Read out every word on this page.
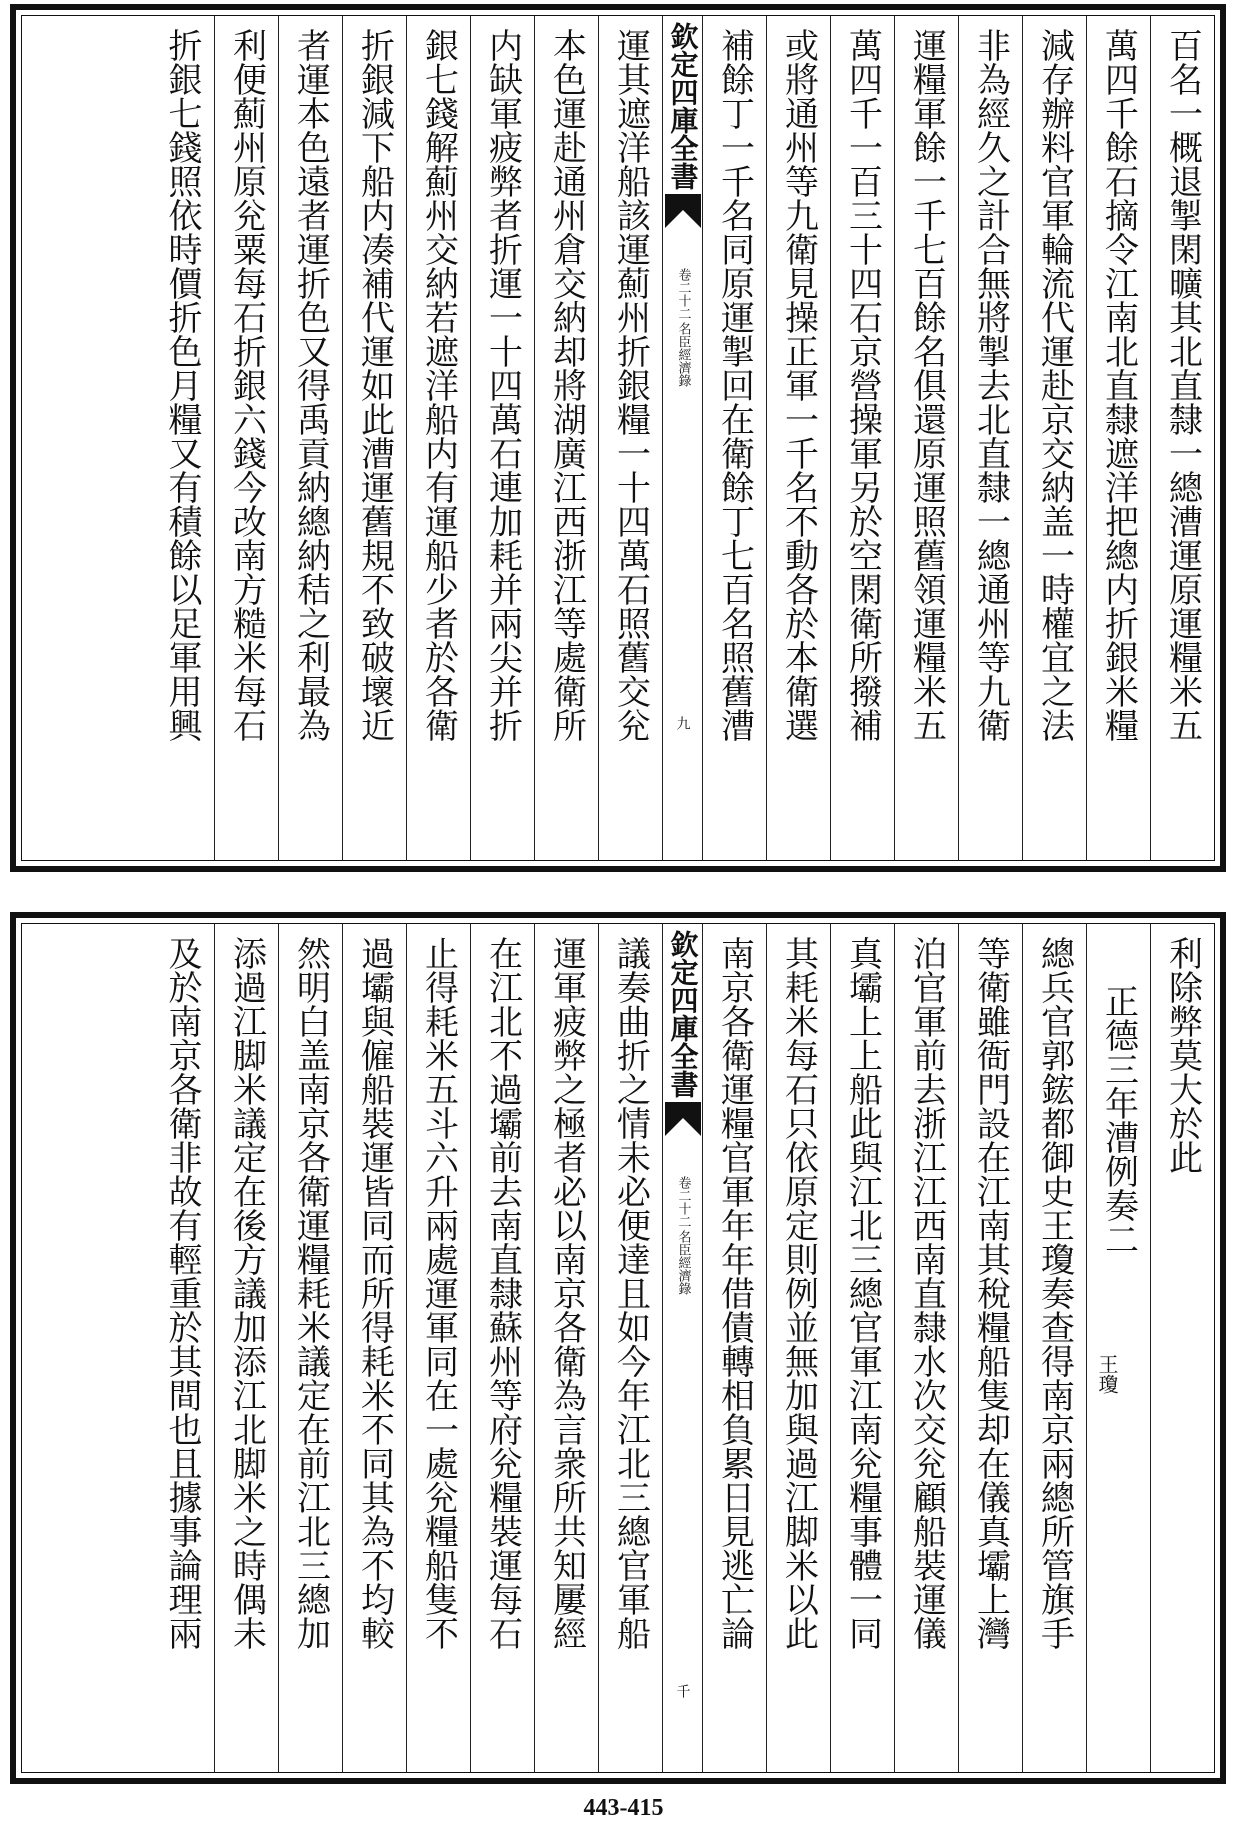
百名一概退掣閑曠其北直隸一總漕運原運糧米五
萬四千餘石摘令江南北直隸遮洋把總内折銀米糧
減存辦料官軍輪流代運赴京交納盖一時權宜之法
非為經久之計合無將掣去北直隸一總通州等九衛
運糧軍餘一千七百餘名俱還原運照舊領運糧米五
萬四千一百三十四石京營操軍另於空閑衛所撥補
或將通州等九衛見操正軍一千名不動各於本衛選
補餘丁一千名同原運掣回在衛餘丁七百名照舊漕
欽定四庫全書
名臣經濟錄
卷二十二
九
運其遮洋船該運薊州折銀糧一十四萬石照舊交兊
本色運赴通州倉交納却將湖廣江西浙江等處衛所
内缺軍疲弊者折運一十四萬石連加耗并兩尖并折
銀七錢解薊州交納若遮洋船内有運船少者於各衛
折銀減下船内凑補代運如此漕運舊規不致破壞近
者運本色遠者運折色又得禹貢納總納秸之利最為
利便薊州原兊粟每石折銀六錢今改南方糙米每石
折銀七錢照依時價折色月糧又有積餘以足軍用興
利除弊莫大於此
正德三年漕例奏二
總兵官郭鋐都御史王瓊奏查得南京兩總所管旗手
等衛雖衙門設在江南其稅糧船隻却在儀真壩上灣
泊官軍前去浙江江西南直隸水次交兊顧船裝運儀
真壩上上船此與江北三總官軍江南兊糧事體一同
其耗米每石只依原定則例並無加與過江脚米以此
南京各衛運糧官軍年年借債轉相負累日見逃亡論
欽定四庫全書
名臣經濟錄
卷二十二
千
議奏曲折之情未必便達且如今年江北三總官軍船
運軍疲弊之極者必以南京各衛為言衆所共知屢經
在江北不過壩前去南直隸蘇州等府兊糧裝運每石
止得耗米五斗六升兩處運軍同在一處兊糧船隻不
過壩與僱船裝運皆同而所得耗米不同其為不均較
然明白盖南京各衛運糧耗米議定在前江北三總加
添過江脚米議定在後方議加添江北脚米之時偶未
及於南京各衛非故有輕重於其間也且據事論理兩	王瓊
443-415
